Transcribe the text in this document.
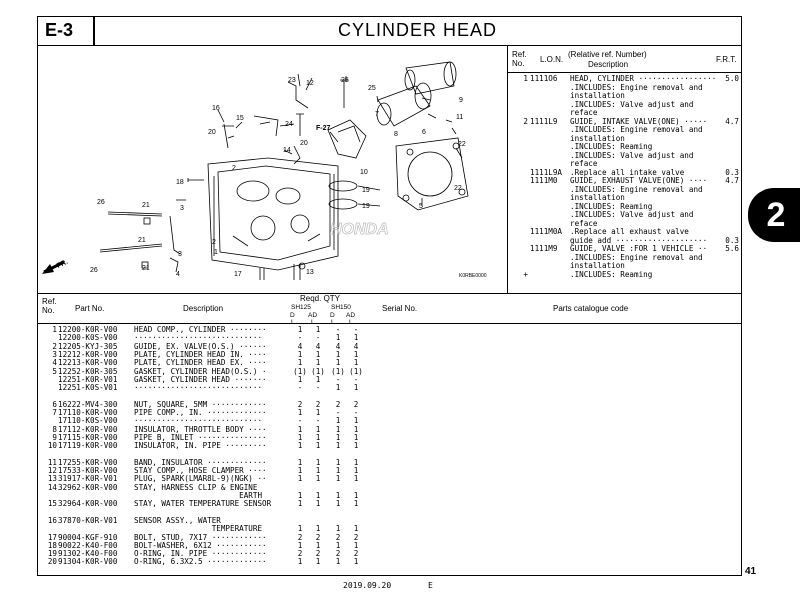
E-3	CYLINDER HEAD
HONDA
FR.
K0RBE0000
23 12	25
9
25
7
16
15
24
20
20
F-27
8	6
11
14
22
3
2
18
10
22
5
19
26	21
3
19
2
21
4
21
26
1
13
17
Ref.
No. L.O.N.
(Relative ref. Number)
Description
F.R.T.
1 1111O6	HEAD, CYLINDER ·················	5.0
.INCLUDES: Engine removal and
installation
.INCLUDES: Valve adjust and
reface
2 1111L9	GUIDE, INTAKE VALVE(ONE) ·····	4.7
.INCLUDES: Engine removal and
installation
.INCLUDES: Reaming
.INCLUDES: Valve adjust and
reface
1111L9A	.Replace all intake valve	0.3
1111M0	GUIDE, EXHAUST VALVE(ONE) ····	4.7
.INCLUDES: Engine removal and
installation
.INCLUDES: Reaming
.INCLUDES: Valve adjust and
reface
1111M0A	.Replace all exhaust valve
guide add ····················	0.3
1111M9	GUIDE, VALVE :FOR 1 VEHICLE ··	5.6
.INCLUDES: Engine removal and
installation
+	.INCLUDES: Reaming
Ref.
No.	Part No.	Description
Reqd. QTY
SH125	SH150
D AD D AD
Serial No.	Parts catalogue code
1 12200-K0R-V00 HEAD COMP., CYLINDER ········	1	1	-	-
12200-K0S-V00 ····························	-	-	1	1
2 12205-KYJ-305 GUIDE, EX. VALVE(O.S.) ······	4	4	4	4
3 12212-K0R-V00 PLATE, CYLINDER HEAD IN. ····	1	1	1	1
4 12213-K0R-V00 PLATE, CYLINDER HEAD EX. ····	1	1	1	1
5 12252-K0R-305 GASKET, CYLINDER HEAD(O.S.) ·	(1) (1) (1) (1)
12251-K0R-V01 GASKET, CYLINDER HEAD ·······	1	1	-	-
12251-K0S-V01 ····························	-	-	1	1
6 16222-MV4-300 NUT, SQUARE, 5MM ············	2	2	2	2
7 17110-K0R-V00 PIPE COMP., IN. ·············	1	1	-	-
17110-K0S-V00 ····························	-	-	1	1
8 17112-K0R-V00 INSULATOR, THROTTLE BODY ····	1	1	1	1
9 17115-K0R-V00 PIPE B, INLET ···············	1	1	1	1
10 17119-K0R-V00 INSULATOR, IN. PIPE ·········	1	1	1	1
11 17255-K0R-V00 BAND, INSULATOR ·············	1	1	1	1
12 17533-K0R-V00 STAY COMP., HOSE CLAMPER ····	1	1	1	1
13 31917-K0R-V01 PLUG, SPARK(LMAR8L-9)(NGK) ··	1	1	1	1
14 32962-K0R-V00 STAY, HARNESS CLIP & ENGINE
EARTH	1	1	1	1
15 32964-K0R-V00 STAY, WATER TEMPERATURE SENSOR	1	1	1	1
16 37870-K0R-V01 SENSOR ASSY., WATER
TEMPERATURE	1	1	1	1
17 90004-KGF-910 BOLT, STUD, 7X17 ············	2	2	2	2
18 90022-K40-F00 BOLT-WASHER, 6X12 ···········	1	1	1	1
19 91302-K40-F00 O-RING, IN. PIPE ············	2	2	2	2
20 91304-K0R-V00 O-RING, 6.3X2.5 ·············	1	1	1	1
2
41
2019.09.20	E
